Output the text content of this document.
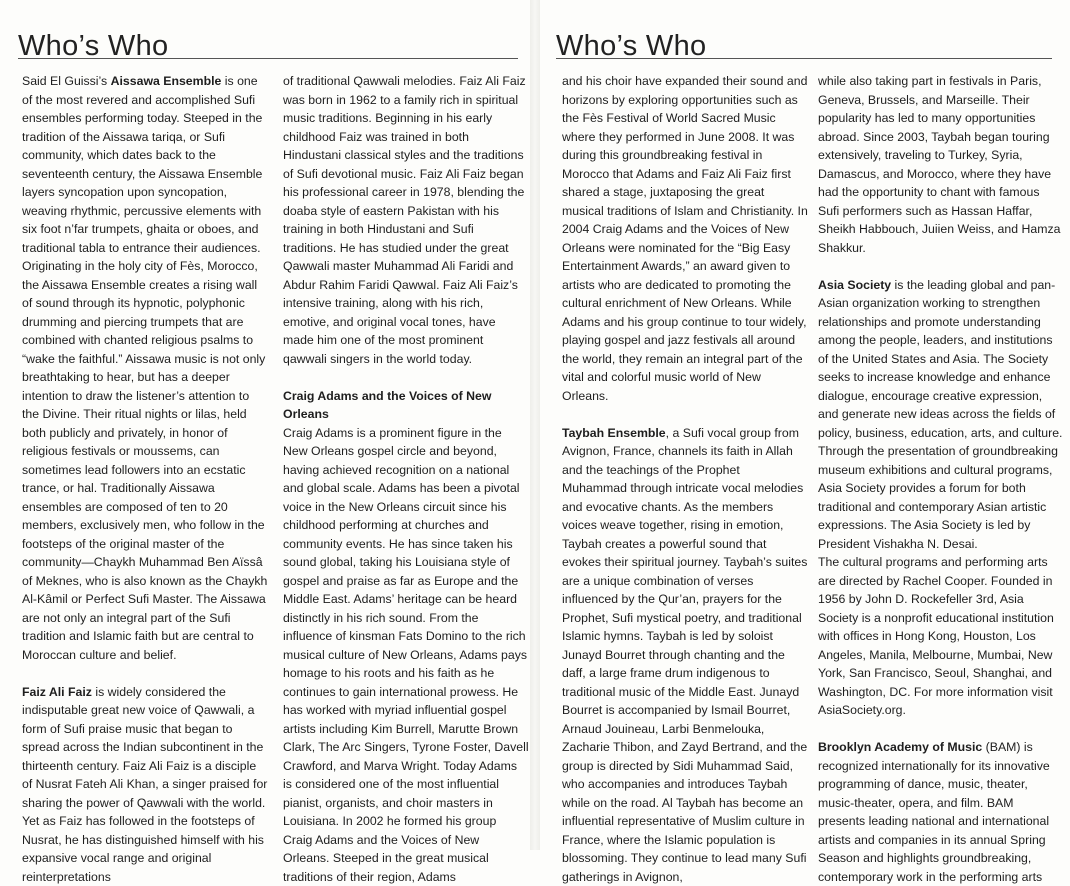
Who’s Who

Said El Guissi’s Aissawa Ensemble is one of the most revered and accomplished Sufi ensembles performing today. Steeped in the tradition of the Aissawa tariqa, or Sufi community, which dates back to the seventeenth century, the Aissawa Ensemble layers syncopation upon syncopation, weaving rhythmic, percussive elements with six foot n’far trumpets, ghaita or oboes, and traditional tabla to entrance their audiences. Originating in the holy city of Fès, Morocco, the Aissawa Ensemble creates a rising wall of sound through its hypnotic, polyphonic drumming and piercing trumpets that are combined with chanted religious psalms to “wake the faithful.” Aissawa music is not only breathtaking to hear, but has a deeper intention to draw the listener’s attention to the Divine. Their ritual nights or lilas, held both publicly and privately, in honor of religious festivals or moussems, can sometimes lead followers into an ecstatic trance, or hal. Traditionally Aissawa ensembles are composed of ten to 20 members, exclusively men, who follow in the footsteps of the original master of the community—Chaykh Muhammad Ben Aïssâ of Meknes, who is also known as the Chaykh Al-Kâmil or Perfect Sufi Master. The Aissawa are not only an integral part of the Sufi tradition and Islamic faith but are central to Moroccan culture and belief.

Faiz Ali Faiz is widely considered the indisputable great new voice of Qawwali, a form of Sufi praise music that began to spread across the Indian subcontinent in the thirteenth century. Faiz Ali Faiz is a disciple of Nusrat Fateh Ali Khan, a singer praised for sharing the power of Qawwali with the world. Yet as Faiz has followed in the footsteps of Nusrat, he has distinguished himself with his expansive vocal range and original reinterpretations

of traditional Qawwali melodies. Faiz Ali Faiz was born in 1962 to a family rich in spiritual music traditions. Beginning in his early childhood Faiz was trained in both Hindustani classical styles and the traditions of Sufi devotional music. Faiz Ali Faiz began his professional career in 1978, blending the doaba style of eastern Pakistan with his training in both Hindustani and Sufi traditions. He has studied under the great Qawwali master Muhammad Ali Faridi and Abdur Rahim Faridi Qawwal. Faiz Ali Faiz’s intensive training, along with his rich, emotive, and original vocal tones, have made him one of the most prominent qawwali singers in the world today.

Craig Adams and the Voices of New Orleans
Craig Adams is a prominent figure in the New Orleans gospel circle and beyond, having achieved recognition on a national and global scale. Adams has been a pivotal voice in the New Orleans circuit since his childhood performing at churches and community events. He has since taken his sound global, taking his Louisiana style of gospel and praise as far as Europe and the Middle East. Adams’ heritage can be heard distinctly in his rich sound. From the influence of kinsman Fats Domino to the rich musical culture of New Orleans, Adams pays homage to his roots and his faith as he continues to gain international prowess. He has worked with myriad influential gospel artists including Kim Burrell, Marutte Brown Clark, The Arc Singers, Tyrone Foster, Davell Crawford, and Marva Wright. Today Adams is considered one of the most influential pianist, organists, and choir masters in Louisiana. In 2002 he formed his group Craig Adams and the Voices of New Orleans. Steeped in the great musical traditions of their region, Adams

Who’s Who

and his choir have expanded their sound and horizons by exploring opportunities such as the Fès Festival of World Sacred Music where they performed in June 2008. It was during this groundbreaking festival in Morocco that Adams and Faiz Ali Faiz first shared a stage, juxtaposing the great musical traditions of Islam and Christianity. In 2004 Craig Adams and the Voices of New Orleans were nominated for the “Big Easy Entertainment Awards,” an award given to artists who are dedicated to promoting the cultural enrichment of New Orleans. While Adams and his group continue to tour widely, playing gospel and jazz festivals all around the world, they remain an integral part of the vital and colorful music world of New Orleans.

Taybah Ensemble, a Sufi vocal group from Avignon, France, channels its faith in Allah and the teachings of the Prophet Muhammad through intricate vocal melodies and evocative chants. As the members voices weave together, rising in emotion, Taybah creates a powerful sound that evokes their spiritual journey. Taybah’s suites are a unique combination of verses influenced by the Qur’an, prayers for the Prophet, Sufi mystical poetry, and traditional Islamic hymns. Taybah is led by soloist Junayd Bourret through chanting and the daff, a large frame drum indigenous to traditional music of the Middle East. Junayd Bourret is accompanied by Ismail Bourret, Arnaud Jouineau, Larbi Benmelouka, Zacharie Thibon, and Zayd Bertrand, and the group is directed by Sidi Muhammad Said, who accompanies and introduces Taybah while on the road. Al Taybah has become an influential representative of Muslim culture in France, where the Islamic population is blossoming. They continue to lead many Sufi gatherings in Avignon,

while also taking part in festivals in Paris, Geneva, Brussels, and Marseille. Their popularity has led to many opportunities abroad. Since 2003, Taybah began touring extensively, traveling to Turkey, Syria, Damascus, and Morocco, where they have had the opportunity to chant with famous Sufi performers such as Hassan Haffar, Sheikh Habbouch, Juiien Weiss, and Hamza Shakkur.

Asia Society is the leading global and pan-Asian organization working to strengthen relationships and promote understanding among the people, leaders, and institutions of the United States and Asia. The Society seeks to increase knowledge and enhance dialogue, encourage creative expression, and generate new ideas across the fields of policy, business, education, arts, and culture. Through the presentation of groundbreaking museum exhibitions and cultural programs, Asia Society provides a forum for both traditional and contemporary Asian artistic expressions. The Asia Society is led by President Vishakha N. Desai.

The cultural programs and performing arts are directed by Rachel Cooper. Founded in 1956 by John D. Rockefeller 3rd, Asia Society is a nonprofit educational institution with offices in Hong Kong, Houston, Los Angeles, Manila, Melbourne, Mumbai, New York, San Francisco, Seoul, Shanghai, and Washington, DC. For more information visit AsiaSociety.org.

Brooklyn Academy of Music (BAM) is recognized internationally for its innovative programming of dance, music, theater, music-theater, opera, and film. BAM presents leading national and international artists and companies in its annual Spring Season and highlights groundbreaking, contemporary work in the performing arts
